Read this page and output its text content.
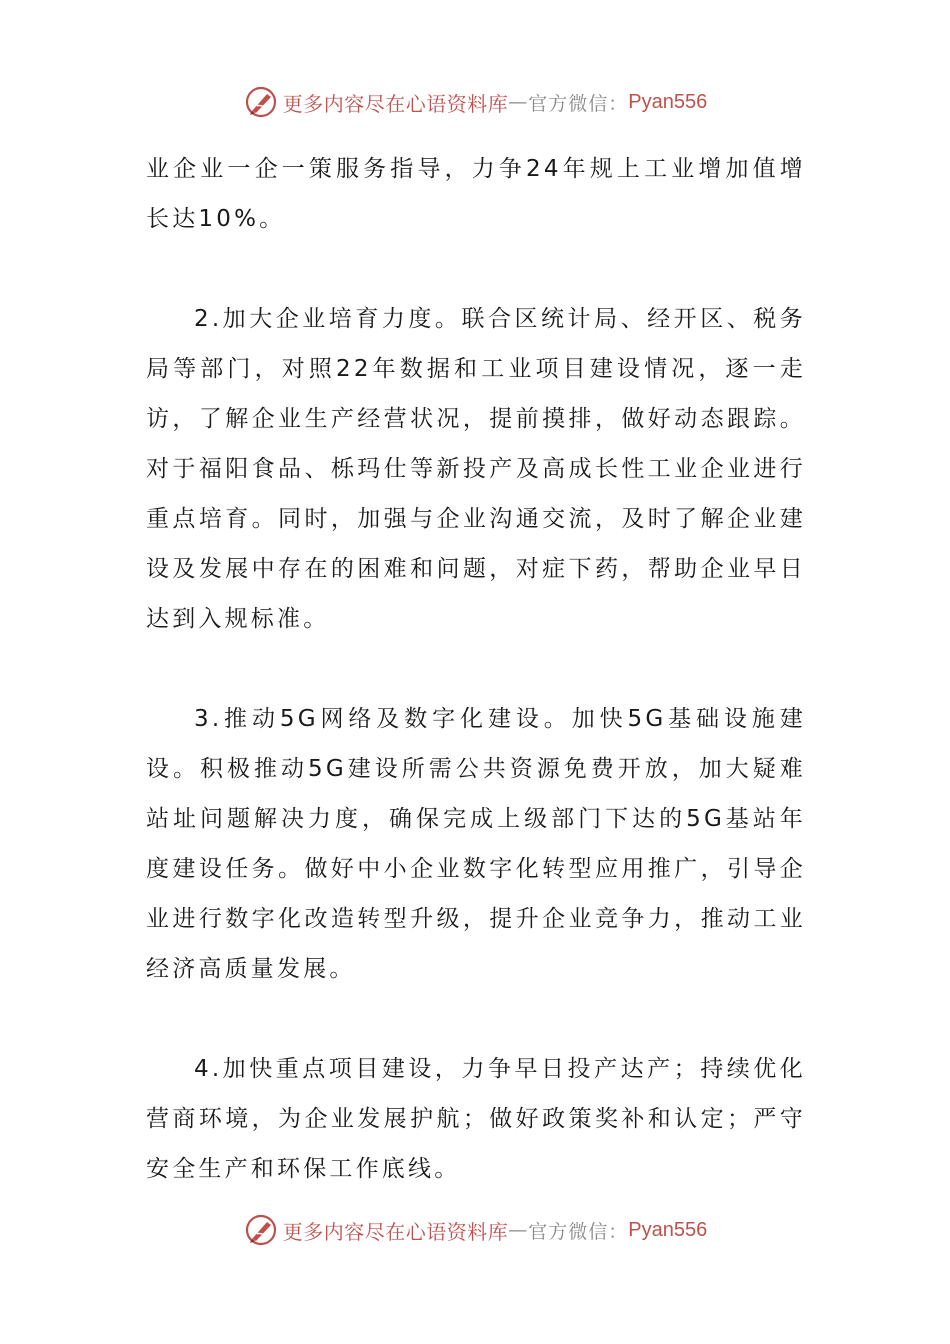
更多内容尽在心语资料库 — 官方微信： Pyan556

业企业一企一策服务指导，力争24年规上工业增加值增长达10%。

2.加大企业培育力度。联合区统计局、经开区、税务局等部门，对照22年数据和工业项目建设情况，逐一走访，了解企业生产经营状况，提前摸排，做好动态跟踪。对于福阳食品、栎玛仕等新投产及高成长性工业企业进行重点培育。同时，加强与企业沟通交流，及时了解企业建设及发展中存在的困难和问题，对症下药，帮助企业早日达到入规标准。

3.推动5G网络及数字化建设。加快5G基础设施建设。积极推动5G建设所需公共资源免费开放，加大疑难站址问题解决力度，确保完成上级部门下达的5G基站年度建设任务。做好中小企业数字化转型应用推广，引导企业进行数字化改造转型升级，提升企业竞争力，推动工业经济高质量发展。

4.加快重点项目建设，力争早日投产达产；持续优化营商环境，为企业发展护航；做好政策奖补和认定；严守安全生产和环保工作底线。

更多内容尽在心语资料库 — 官方微信： Pyan556
